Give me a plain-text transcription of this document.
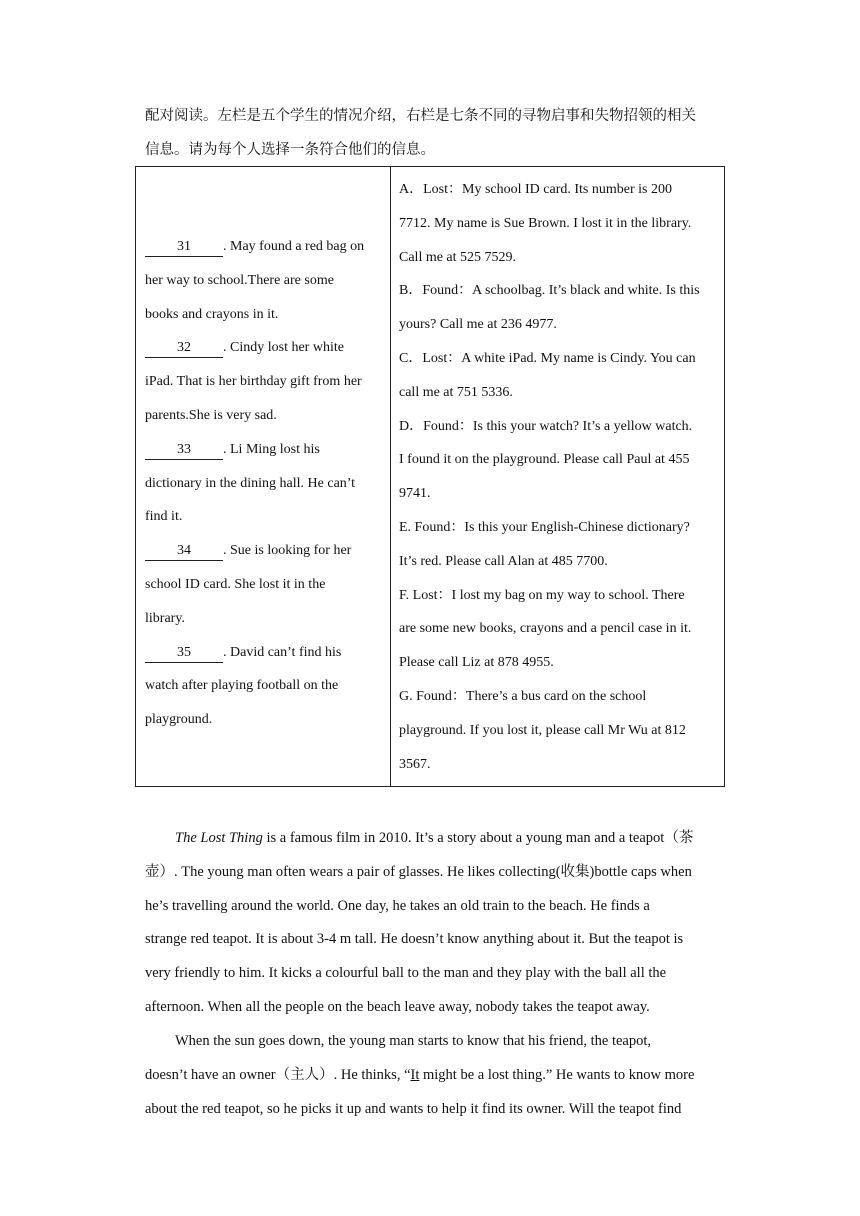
配对阅读。左栏是五个学生的情况介绍，右栏是七条不同的寻物启事和失物招领的相关
信息。请为每个人选择一条符合他们的信息。
31 . May found a red bag on
her way to school.There are some
books and crayons in it.
32 . Cindy lost her white
iPad. That is her birthday gift from her
parents.She is very sad.
33 . Li Ming lost his
dictionary in the dining hall. He can’t
find it.
34 . Sue is looking for her
school ID card. She lost it in the
library.
35 . David can’t find his
watch after playing football on the
playground.
A．Lost：My school ID card. Its number is 200
7712. My name is Sue Brown. I lost it in the library.
Call me at 525 7529.
B．Found：A schoolbag. It’s black and white. Is this
yours? Call me at 236 4977.
C．Lost：A white iPad. My name is Cindy. You can
call me at 751 5336.
D．Found：Is this your watch? It’s a yellow watch.
I found it on the playground. Please call Paul at 455
9741.
E. Found：Is this your English-Chinese dictionary?
It’s red. Please call Alan at 485 7700.
F. Lost：I lost my bag on my way to school. There
are some new books, crayons and a pencil case in it.
Please call Liz at 878 4955.
G. Found：There’s a bus card on the school
playground. If you lost it, please call Mr Wu at 812
3567.
The Lost Thing is a famous film in 2010. It’s a story about a young man and a teapot（茶
壶）. The young man often wears a pair of glasses. He likes collecting(收集)bottle caps when
he’s travelling around the world. One day, he takes an old train to the beach. He finds a
strange red teapot. It is about 3-4 m tall. He doesn’t know anything about it. But the teapot is
very friendly to him. It kicks a colourful ball to the man and they play with the ball all the
afternoon. When all the people on the beach leave away, nobody takes the teapot away.
When the sun goes down, the young man starts to know that his friend, the teapot,
doesn’t have an owner（主人）. He thinks, “It might be a lost thing.” He wants to know more
about the red teapot, so he picks it up and wants to help it find its owner. Will the teapot find
